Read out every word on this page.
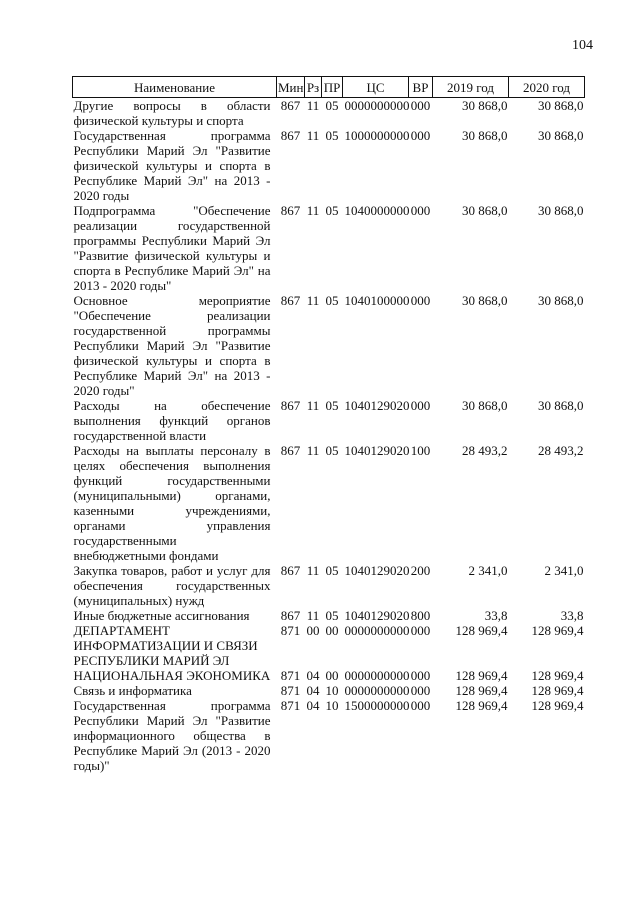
104
Наименование	Мин	Рз	ПР	ЦС	ВР	2019 год	2020 год
Другие вопросы в области физической культуры и спорта	867	11	05	0000000000	000	30 868,0	30 868,0
Государственная программа Республики Марий Эл "Развитие физической культуры и спорта в Республике Марий Эл" на 2013 - 2020 годы	867	11	05	1000000000	000	30 868,0	30 868,0
Подпрограмма "Обеспечение реализации государственной программы Республики Марий Эл "Развитие физической культуры и спорта в Республике Марий Эл" на 2013 - 2020 годы"	867	11	05	1040000000	000	30 868,0	30 868,0
Основное мероприятие "Обеспечение реализации государственной программы Республики Марий Эл "Развитие физической культуры и спорта в Республике Марий Эл" на 2013 - 2020 годы"	867	11	05	1040100000	000	30 868,0	30 868,0
Расходы на обеспечение выполнения функций органов государственной власти	867	11	05	1040129020	000	30 868,0	30 868,0
Расходы на выплаты персоналу в целях обеспечения выполнения функций государственными (муниципальными) органами, казенными учреждениями, органами управления государственными внебюджетными фондами	867	11	05	1040129020	100	28 493,2	28 493,2
Закупка товаров, работ и услуг для обеспечения государственных (муниципальных) нужд	867	11	05	1040129020	200	2 341,0	2 341,0
Иные бюджетные ассигнования	867	11	05	1040129020	800	33,8	33,8
ДЕПАРТАМЕНТ ИНФОРМАТИЗАЦИИ И СВЯЗИ РЕСПУБЛИКИ МАРИЙ ЭЛ	871	00	00	0000000000	000	128 969,4	128 969,4
НАЦИОНАЛЬНАЯ ЭКОНОМИКА	871	04	00	0000000000	000	128 969,4	128 969,4
Связь и информатика	871	04	10	0000000000	000	128 969,4	128 969,4
Государственная программа Республики Марий Эл "Развитие информационного общества в Республике Марий Эл (2013 - 2020 годы)"	871	04	10	1500000000	000	128 969,4	128 969,4
